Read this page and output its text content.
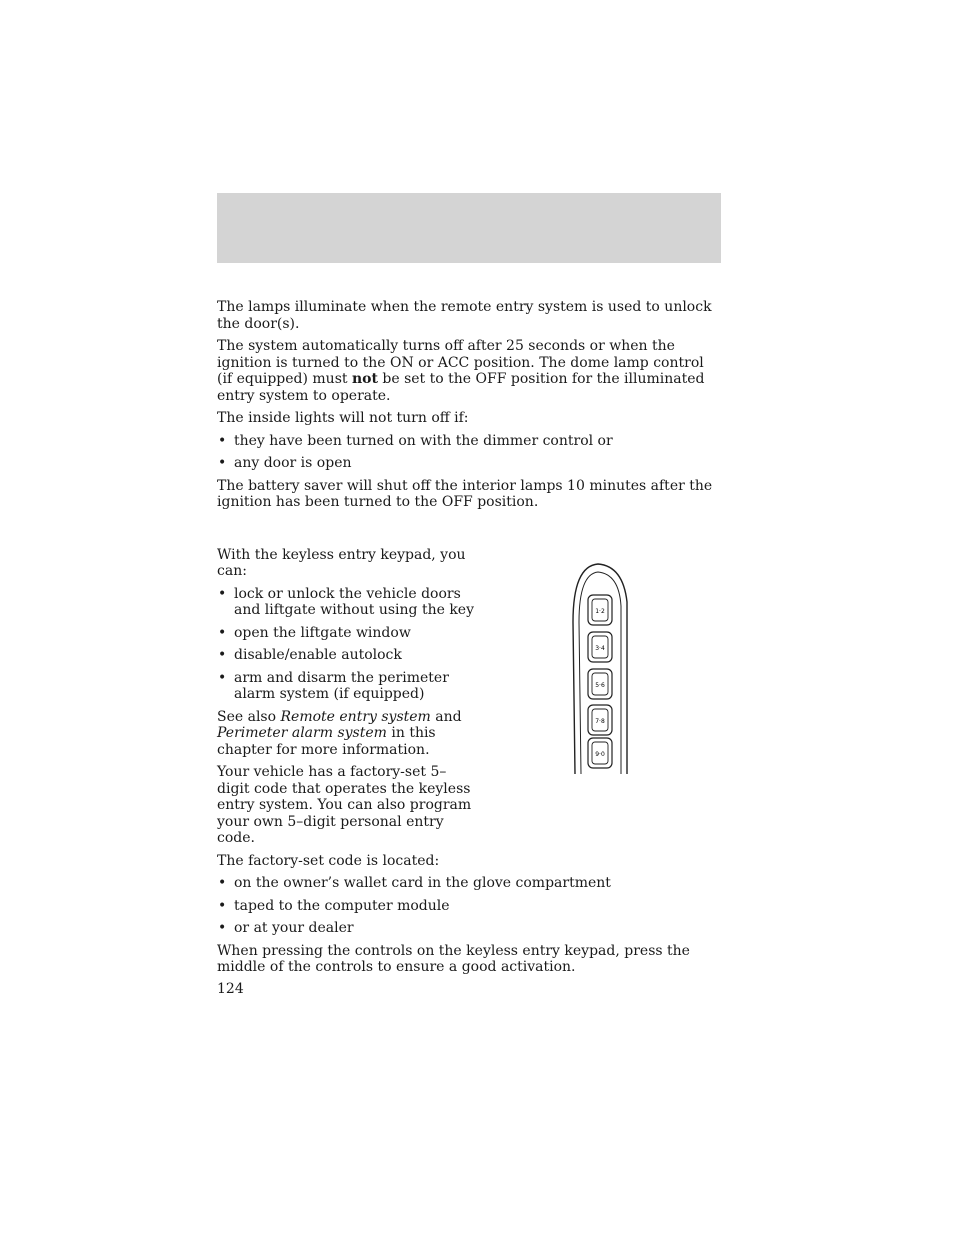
The lamps illuminate when the remote entry system is used to unlock the door(s).

The system automatically turns off after 25 seconds or when the ignition is turned to the ON or ACC position. The dome lamp control (if equipped) must not be set to the OFF position for the illuminated entry system to operate.

The inside lights will not turn off if:

• they have been turned on with the dimmer control or
• any door is open

The battery saver will shut off the interior lamps 10 minutes after the ignition has been turned to the OFF position.

With the keyless entry keypad, you can:

• lock or unlock the vehicle doors and liftgate without using the key
• open the liftgate window
• disable/enable autolock
• arm and disarm the perimeter alarm system (if equipped)

See also Remote entry system and Perimeter alarm system in this chapter for more information.

Your vehicle has a factory-set 5–digit code that operates the keyless entry system. You can also program your own 5–digit personal entry code.

The factory-set code is located:

• on the owner’s wallet card in the glove compartment
• taped to the computer module
• or at your dealer

When pressing the controls on the keyless entry keypad, press the middle of the controls to ensure a good activation.

1·2
3·4
5·6
7·8
9·0
124
